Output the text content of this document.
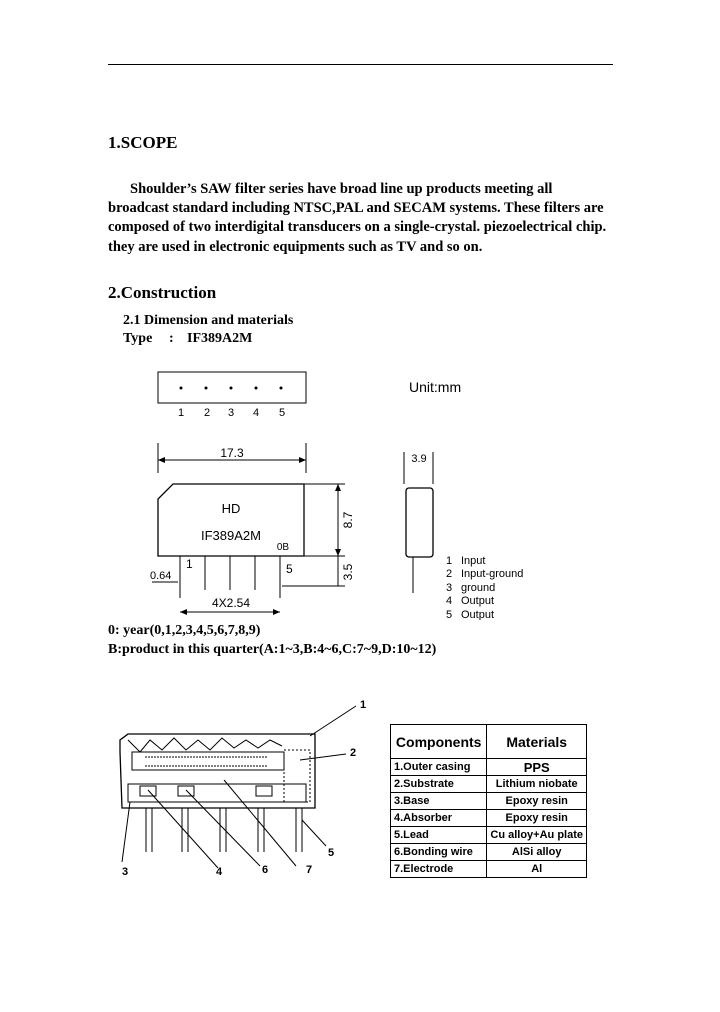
1.SCOPE

Shoulder’s SAW filter series have broad line up products meeting all

broadcast standard including NTSC,PAL and SECAM systems. These filters are

composed of two interdigital transducers on a single-crystal. piezoelectrical chip.

they are used in electronic equipments such as TV and so on.

2.Construction
2.1 Dimension and materials
Type : IF389A2M
1 2 3 4 5
17.3
HD
IF389A2M
0B
1	5
0.64
4X2.54
3.9
8.7
3.5
Unit:mm
1 Input
2 Input-ground
3 ground
4 Output
5 Output
0: year(0,1,2,3,4,5,6,7,8,9)
B:product in this quarter(A:1~3,B:4~6,C:7~9,D:10~12)
1
2
3	4	6	7
5
Components	Materials
1.Outer casing	PPS
2.Substrate	Lithium niobate
3.Base	Epoxy resin
4.Absorber	Epoxy resin
5.Lead	Cu alloy+Au plate
6.Bonding wire	AlSi alloy
7.Electrode	Al
